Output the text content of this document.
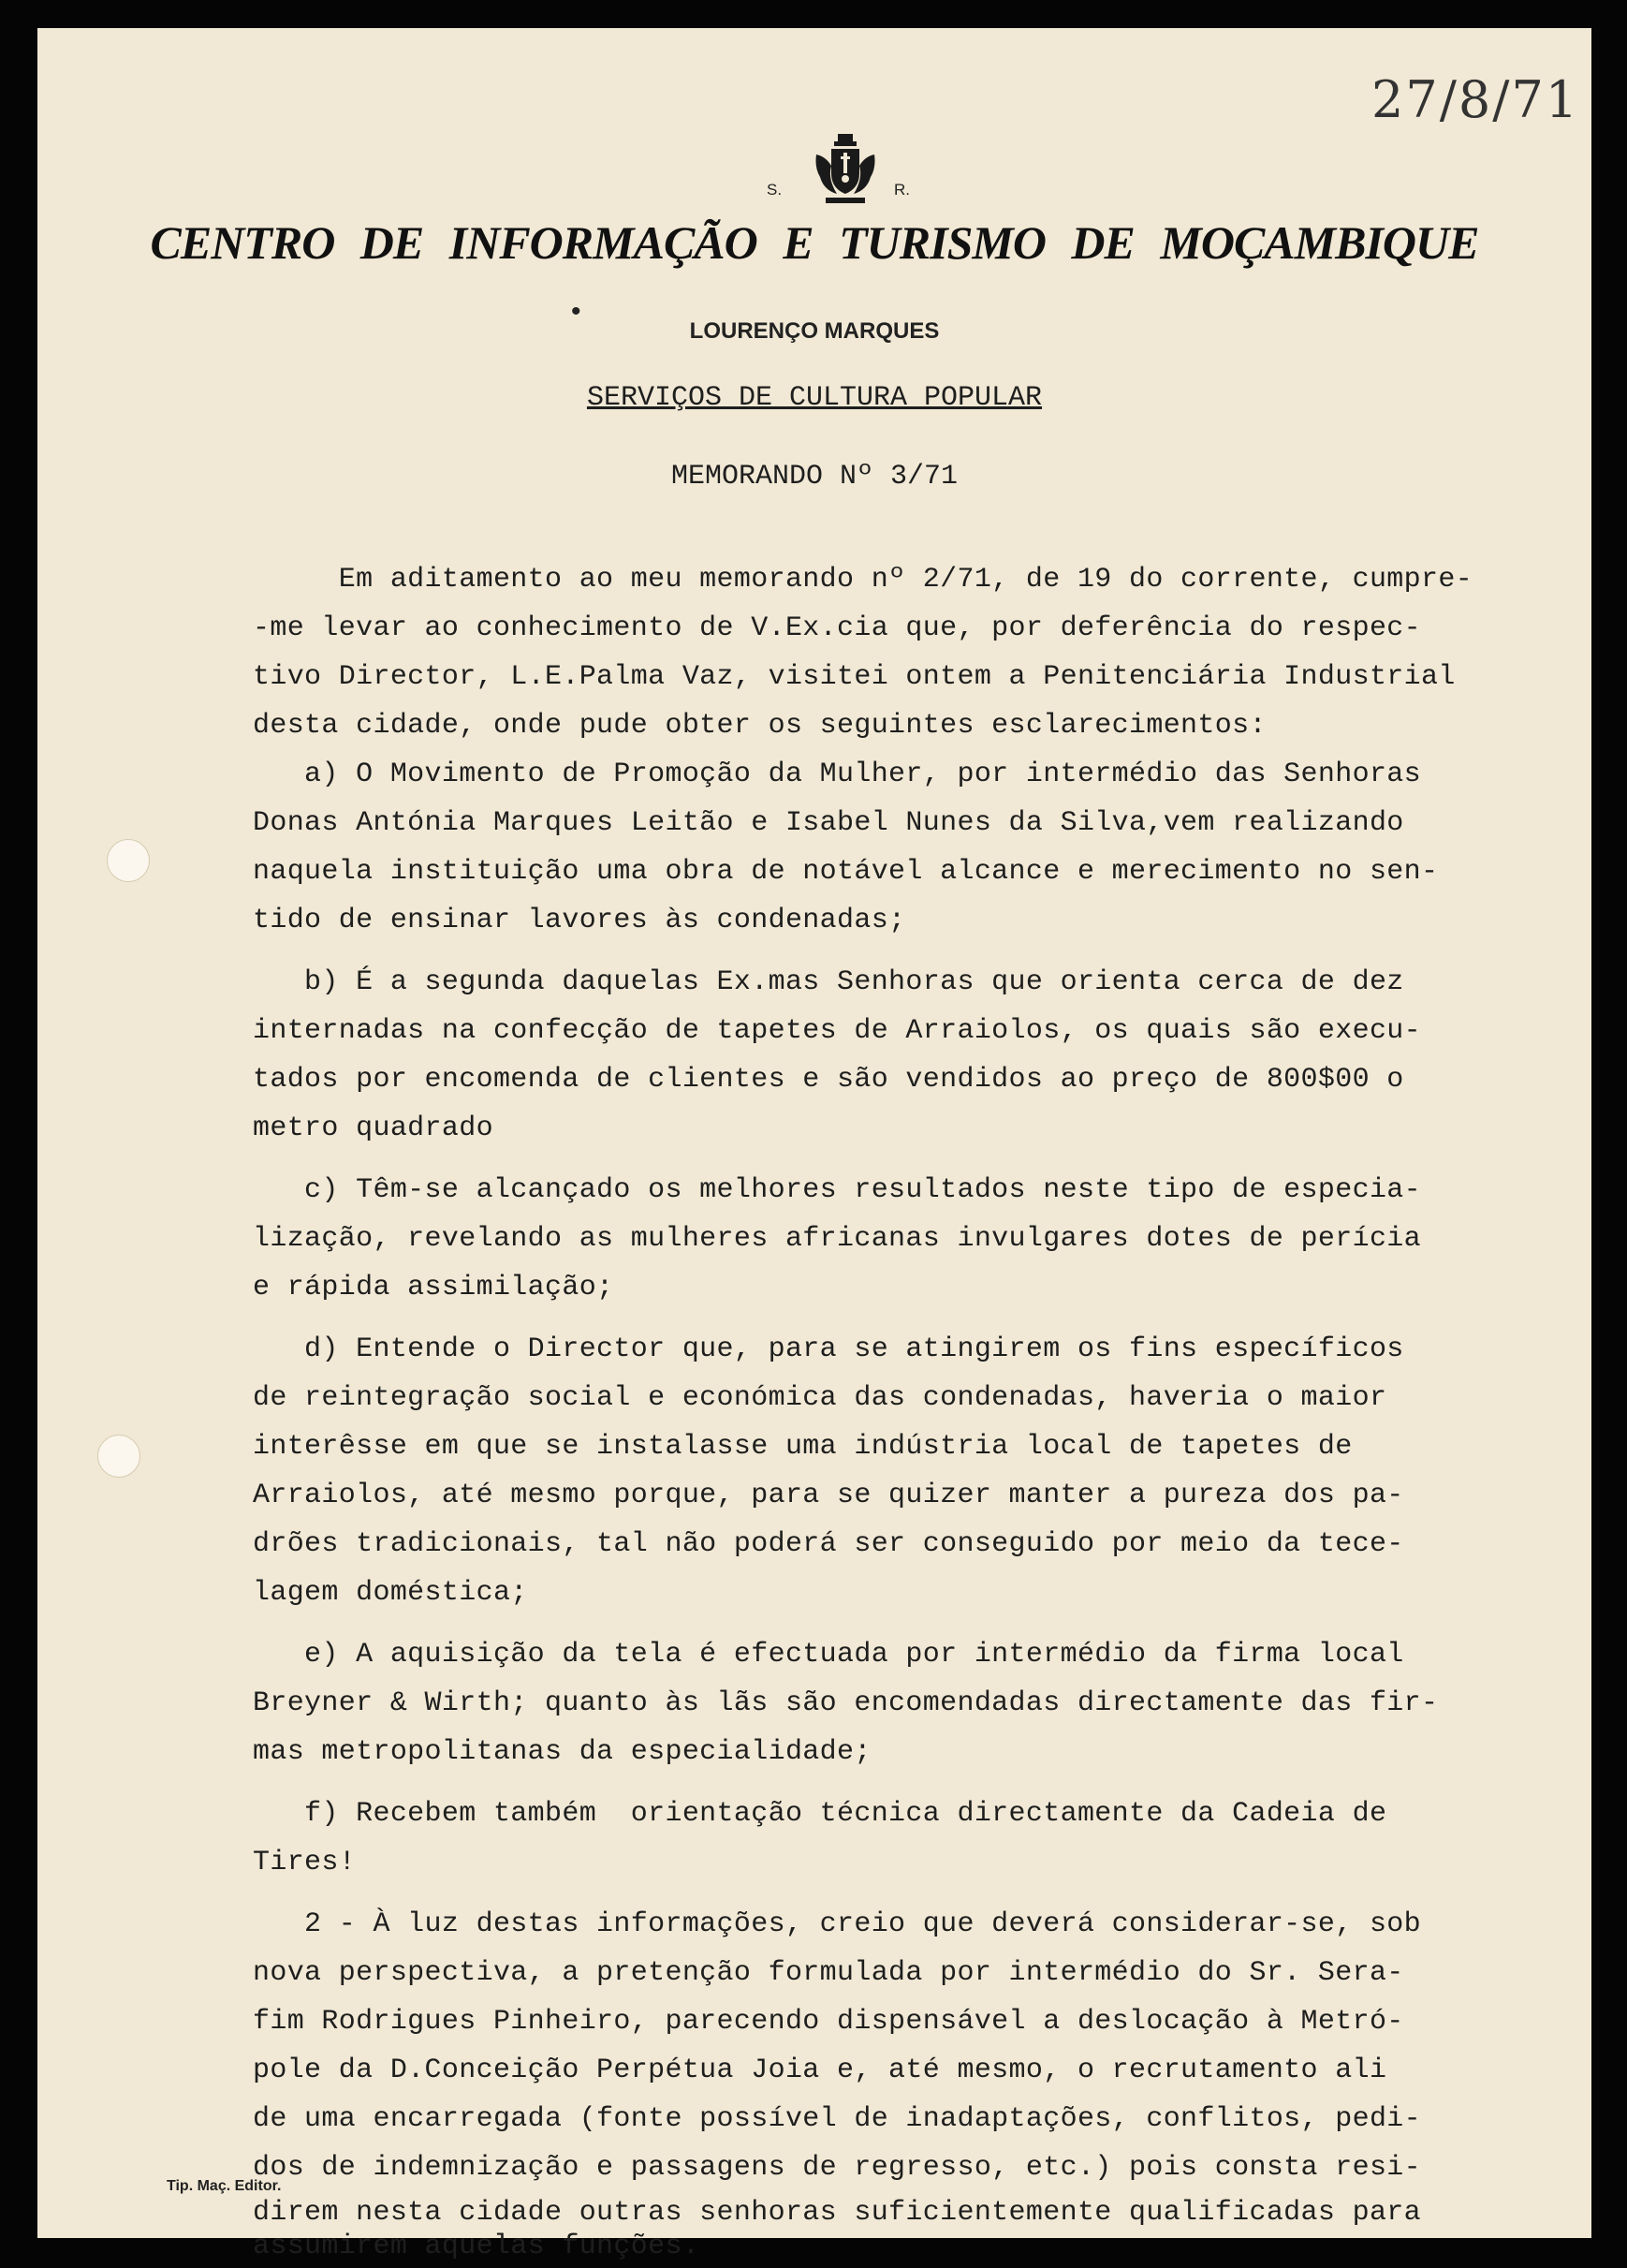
27/8/71
S.	R.
CENTRO DE INFORMAÇÃO E TURISMO DE MOÇAMBIQUE
•
LOURENÇO MARQUES
SERVIÇOS DE CULTURA POPULAR
MEMORANDO Nº 3/71
Em aditamento ao meu memorando nº 2/71, de 19 do corrente, cumpre-
-me levar ao conhecimento de V.Ex.cia que, por deferência do respec-
tivo Director, L.E.Palma Vaz, visitei ontem a Penitenciária Industrial
desta cidade, onde pude obter os seguintes esclarecimentos:
a) O Movimento de Promoção da Mulher, por intermédio das Senhoras
Donas Antónia Marques Leitão e Isabel Nunes da Silva,vem realizando
naquela instituição uma obra de notável alcance e merecimento no sen-
tido de ensinar lavores às condenadas;
b) É a segunda daquelas Ex.mas Senhoras que orienta cerca de dez
internadas na confecção de tapetes de Arraiolos, os quais são execu-
tados por encomenda de clientes e são vendidos ao preço de 800$00 o
metro quadrado
c) Têm-se alcançado os melhores resultados neste tipo de especia-
lização, revelando as mulheres africanas invulgares dotes de perícia
e rápida assimilação;
d) Entende o Director que, para se atingirem os fins específicos
de reintegração social e económica das condenadas, haveria o maior
interêsse em que se instalasse uma indústria local de tapetes de
Arraiolos, até mesmo porque, para se quizer manter a pureza dos pa-
drões tradicionais, tal não poderá ser conseguido por meio da tece-
lagem doméstica;
e) A aquisição da tela é efectuada por intermédio da firma local
Breyner & Wirth; quanto às lãs são encomendadas directamente das fir-
mas metropolitanas da especialidade;
f) Recebem também  orientação técnica directamente da Cadeia de
Tires!
2 - À luz destas informações, creio que deverá considerar-se, sob
nova perspectiva, a pretenção formulada por intermédio do Sr. Sera-
fim Rodrigues Pinheiro, parecendo dispensável a deslocação à Metró-
pole da D.Conceição Perpétua Joia e, até mesmo, o recrutamento ali
de uma encarregada (fonte possível de inadaptações, conflitos, pedi-
dos de indemnização e passagens de regresso, etc.) pois consta resi-
direm nesta cidade outras senhoras suficientemente qualificadas para
assumirem aquelas funções.
Tip. Maç. Editor.
